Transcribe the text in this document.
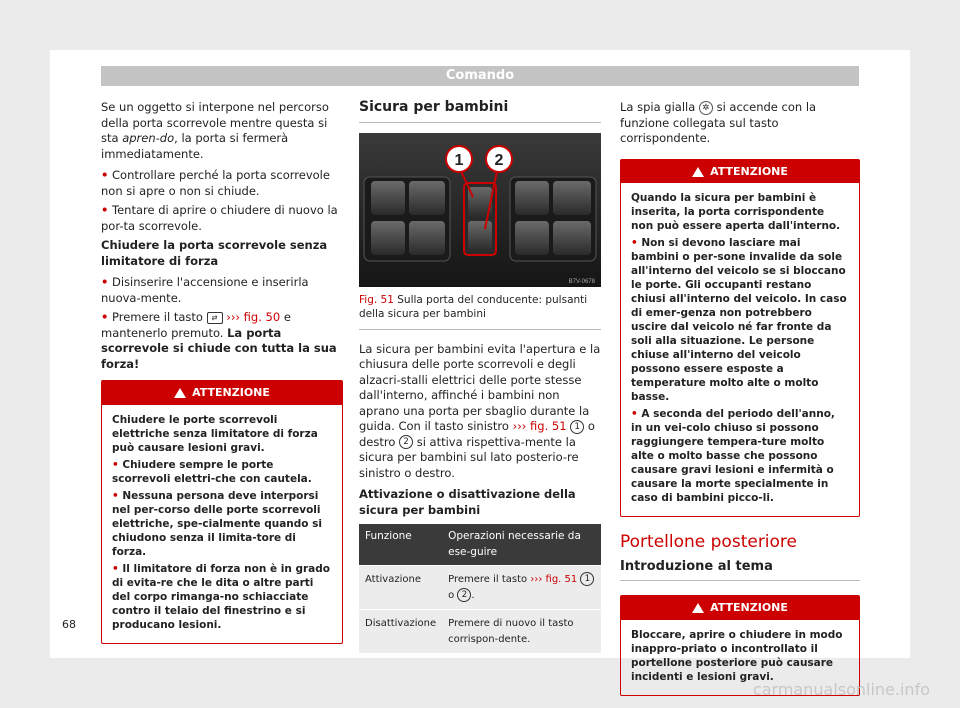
Comando

Se un oggetto si interpone nel percorso della porta scorrevole mentre questa si sta apren-do, la porta si fermerà immediatamente.

• Controllare perché la porta scorrevole non si apre o non si chiude.

• Tentare di aprire o chiudere di nuovo la por-ta scorrevole.

Chiudere la porta scorrevole senza limitatore di forza

• Disinserire l'accensione e inserirla nuova-mente.

• Premere il tasto ⇄ ››› fig. 50 e mantenerlo premuto. La porta scorrevole si chiude con tutta la sua forza!

ATTENZIONE

Chiudere le porte scorrevoli elettriche senza limitatore di forza può causare lesioni gravi.

• Chiudere sempre le porte scorrevoli elettri-che con cautela.

• Nessuna persona deve interporsi nel per-corso delle porte scorrevoli elettriche, spe-cialmente quando si chiudono senza il limita-tore di forza.

• Il limitatore di forza non è in grado di evita-re che le dita o altre parti del corpo rimanga-no schiacciate contro il telaio del finestrino e si producano lesioni.

Sicura per bambini
1 2
B7V-0678
Fig. 51 Sulla porta del conducente: pulsanti della sicura per bambini

La sicura per bambini evita l'apertura e la chiusura delle porte scorrevoli e degli alzacri-stalli elettrici delle porte stesse dall'interno, affinché i bambini non aprano una porta per sbaglio durante la guida. Con il tasto sinistro ››› fig. 51 1 o destro 2 si attiva rispettiva-mente la sicura per bambini sul lato posterio-re sinistro o destro.

Attivazione o disattivazione della sicura per bambini

Funzione	Operazioni necessarie da ese-guire
Attivazione	Premere il tasto ››› fig. 51 1 o 2 .
Disattivazione	Premere di nuovo il tasto corrispon-dente.

La spia gialla ✲ si accende con la funzione collegata sul tasto corrispondente.

ATTENZIONE

Quando la sicura per bambini è inserita, la porta corrispondente non può essere aperta dall'interno.

• Non si devono lasciare mai bambini o per-sone invalide da sole all'interno del veicolo se si bloccano le porte. Gli occupanti restano chiusi all'interno del veicolo. In caso di emer-genza non potrebbero uscire dal veicolo né far fronte da soli alla situazione. Le persone chiuse all'interno del veicolo possono essere esposte a temperature molto alte o molto basse.

• A seconda del periodo dell'anno, in un vei-colo chiuso si possono raggiungere tempera-ture molto alte o molto basse che possono causare gravi lesioni e infermità o causare la morte specialmente in caso di bambini picco-li.

Portellone posteriore
Introduzione al tema
ATTENZIONE

Bloccare, aprire o chiudere in modo inappro-priato o incontrollato il portellone posteriore può causare incidenti e lesioni gravi.

68
carmanualsonline.info
